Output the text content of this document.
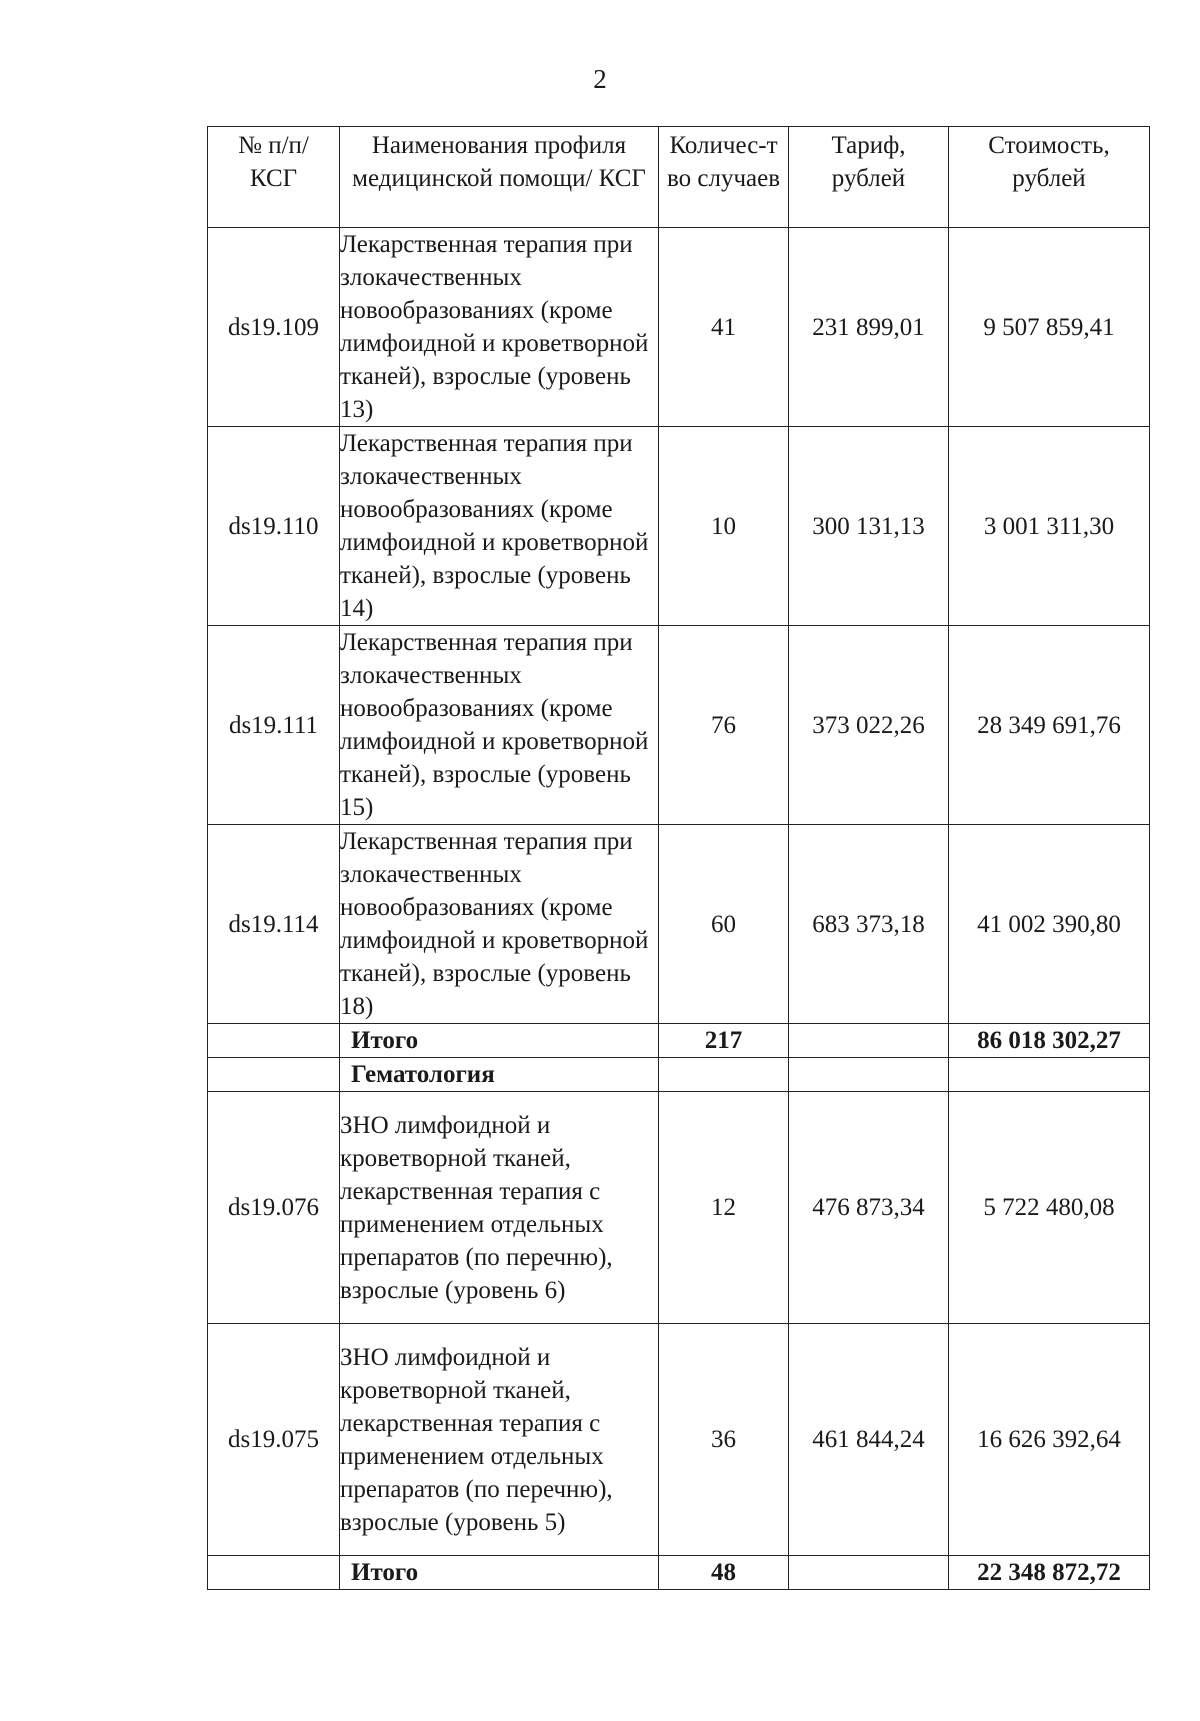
2
№ п/п/ КСГ	Наименования профиля медицинской помощи/ КСГ	Количес-тво случаев	Тариф, рублей	Стоимость, рублей
ds19.109	Лекарственная терапия при злокачественных новообразованиях (кроме лимфоидной и кроветворной тканей), взрослые (уровень 13)	41	231 899,01	9 507 859,41
ds19.110	Лекарственная терапия при злокачественных новообразованиях (кроме лимфоидной и кроветворной тканей), взрослые (уровень 14)	10	300 131,13	3 001 311,30
ds19.111	Лекарственная терапия при злокачественных новообразованиях (кроме лимфоидной и кроветворной тканей), взрослые (уровень 15)	76	373 022,26	28 349 691,76
ds19.114	Лекарственная терапия при злокачественных новообразованиях (кроме лимфоидной и кроветворной тканей), взрослые (уровень 18)	60	683 373,18	41 002 390,80
	Итого	217		86 018 302,27
	Гематология			
ds19.076	ЗНО лимфоидной и кроветворной тканей, лекарственная терапия с применением отдельных препаратов (по перечню), взрослые (уровень 6)	12	476 873,34	5 722 480,08
ds19.075	ЗНО лимфоидной и кроветворной тканей, лекарственная терапия с применением отдельных препаратов (по перечню), взрослые (уровень 5)	36	461 844,24	16 626 392,64
	Итого	48		22 348 872,72
